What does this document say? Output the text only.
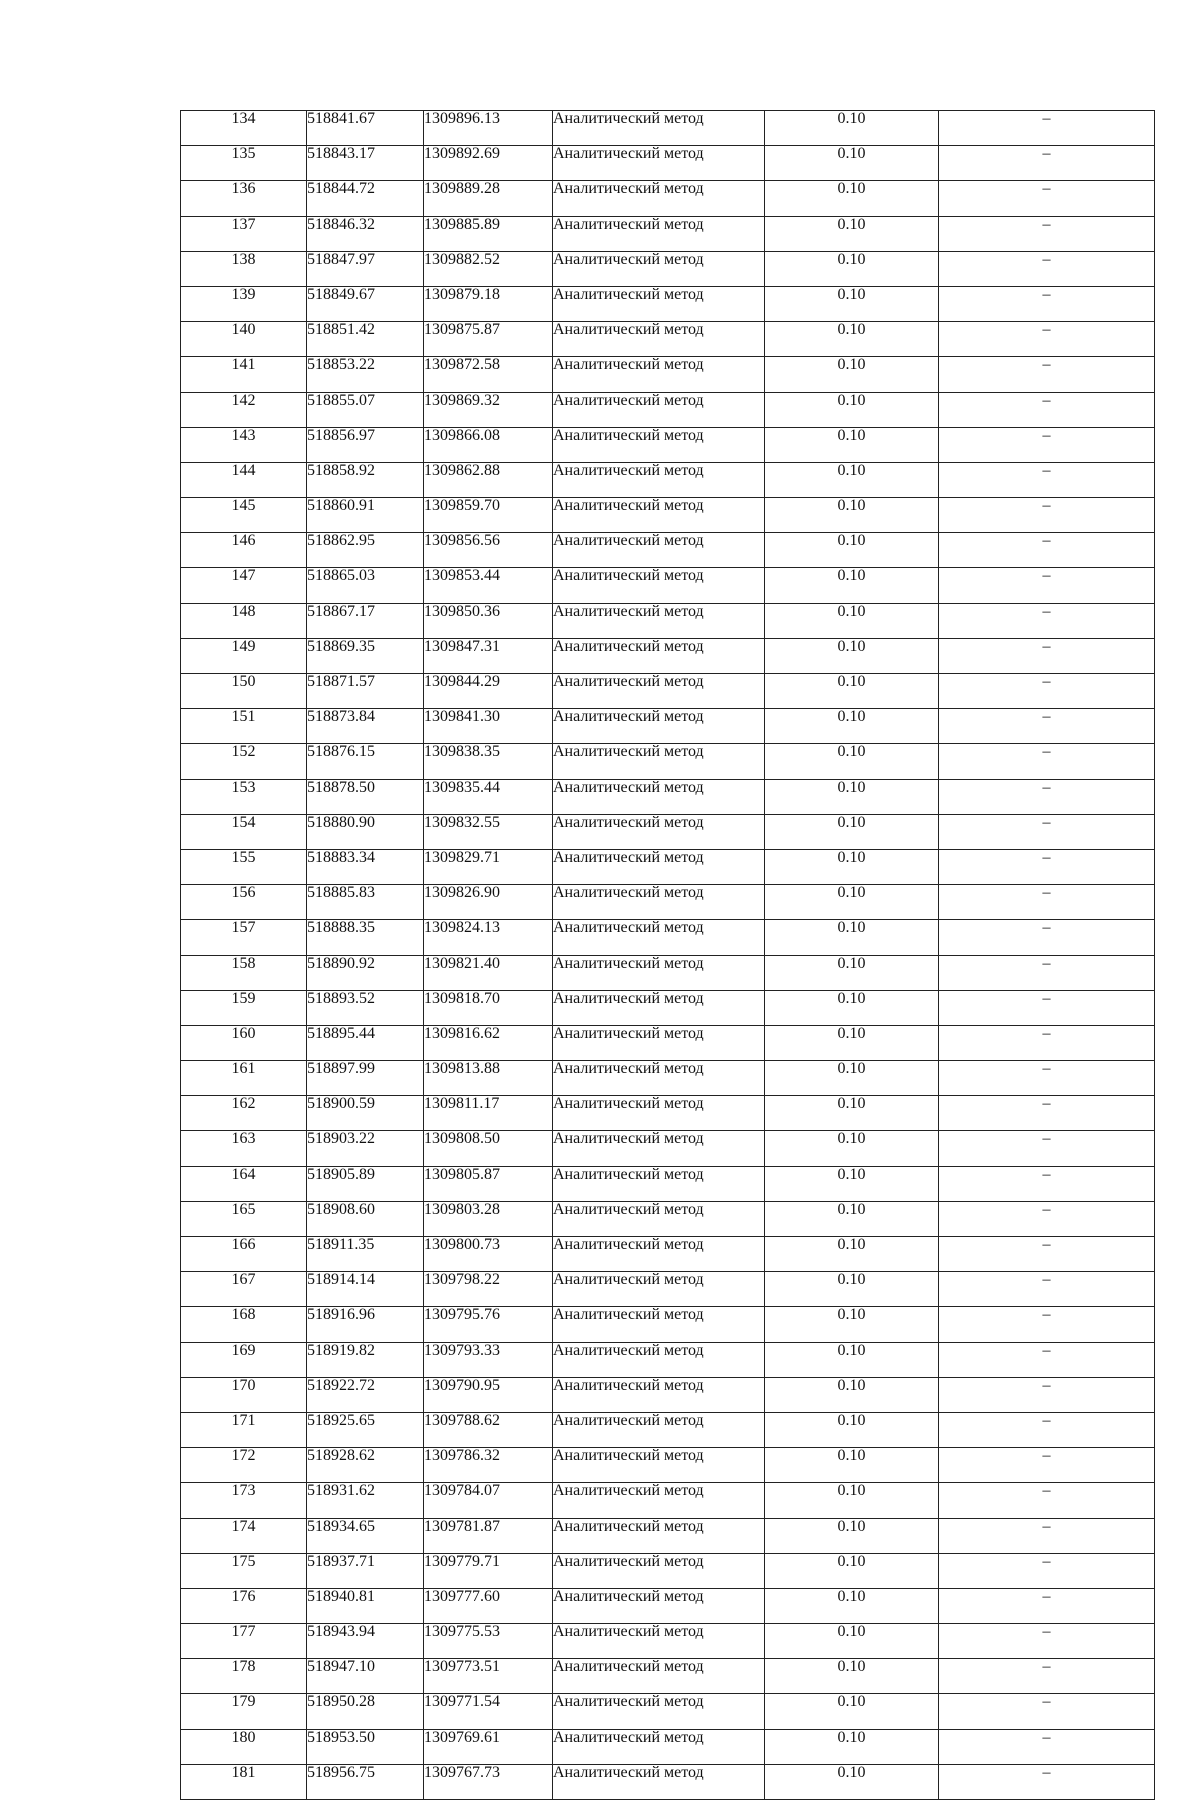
134	518841.67	1309896.13	Аналитический метод	0.10	–
135	518843.17	1309892.69	Аналитический метод	0.10	–
136	518844.72	1309889.28	Аналитический метод	0.10	–
137	518846.32	1309885.89	Аналитический метод	0.10	–
138	518847.97	1309882.52	Аналитический метод	0.10	–
139	518849.67	1309879.18	Аналитический метод	0.10	–
140	518851.42	1309875.87	Аналитический метод	0.10	–
141	518853.22	1309872.58	Аналитический метод	0.10	–
142	518855.07	1309869.32	Аналитический метод	0.10	–
143	518856.97	1309866.08	Аналитический метод	0.10	–
144	518858.92	1309862.88	Аналитический метод	0.10	–
145	518860.91	1309859.70	Аналитический метод	0.10	–
146	518862.95	1309856.56	Аналитический метод	0.10	–
147	518865.03	1309853.44	Аналитический метод	0.10	–
148	518867.17	1309850.36	Аналитический метод	0.10	–
149	518869.35	1309847.31	Аналитический метод	0.10	–
150	518871.57	1309844.29	Аналитический метод	0.10	–
151	518873.84	1309841.30	Аналитический метод	0.10	–
152	518876.15	1309838.35	Аналитический метод	0.10	–
153	518878.50	1309835.44	Аналитический метод	0.10	–
154	518880.90	1309832.55	Аналитический метод	0.10	–
155	518883.34	1309829.71	Аналитический метод	0.10	–
156	518885.83	1309826.90	Аналитический метод	0.10	–
157	518888.35	1309824.13	Аналитический метод	0.10	–
158	518890.92	1309821.40	Аналитический метод	0.10	–
159	518893.52	1309818.70	Аналитический метод	0.10	–
160	518895.44	1309816.62	Аналитический метод	0.10	–
161	518897.99	1309813.88	Аналитический метод	0.10	–
162	518900.59	1309811.17	Аналитический метод	0.10	–
163	518903.22	1309808.50	Аналитический метод	0.10	–
164	518905.89	1309805.87	Аналитический метод	0.10	–
165	518908.60	1309803.28	Аналитический метод	0.10	–
166	518911.35	1309800.73	Аналитический метод	0.10	–
167	518914.14	1309798.22	Аналитический метод	0.10	–
168	518916.96	1309795.76	Аналитический метод	0.10	–
169	518919.82	1309793.33	Аналитический метод	0.10	–
170	518922.72	1309790.95	Аналитический метод	0.10	–
171	518925.65	1309788.62	Аналитический метод	0.10	–
172	518928.62	1309786.32	Аналитический метод	0.10	–
173	518931.62	1309784.07	Аналитический метод	0.10	–
174	518934.65	1309781.87	Аналитический метод	0.10	–
175	518937.71	1309779.71	Аналитический метод	0.10	–
176	518940.81	1309777.60	Аналитический метод	0.10	–
177	518943.94	1309775.53	Аналитический метод	0.10	–
178	518947.10	1309773.51	Аналитический метод	0.10	–
179	518950.28	1309771.54	Аналитический метод	0.10	–
180	518953.50	1309769.61	Аналитический метод	0.10	–
181	518956.75	1309767.73	Аналитический метод	0.10	–
